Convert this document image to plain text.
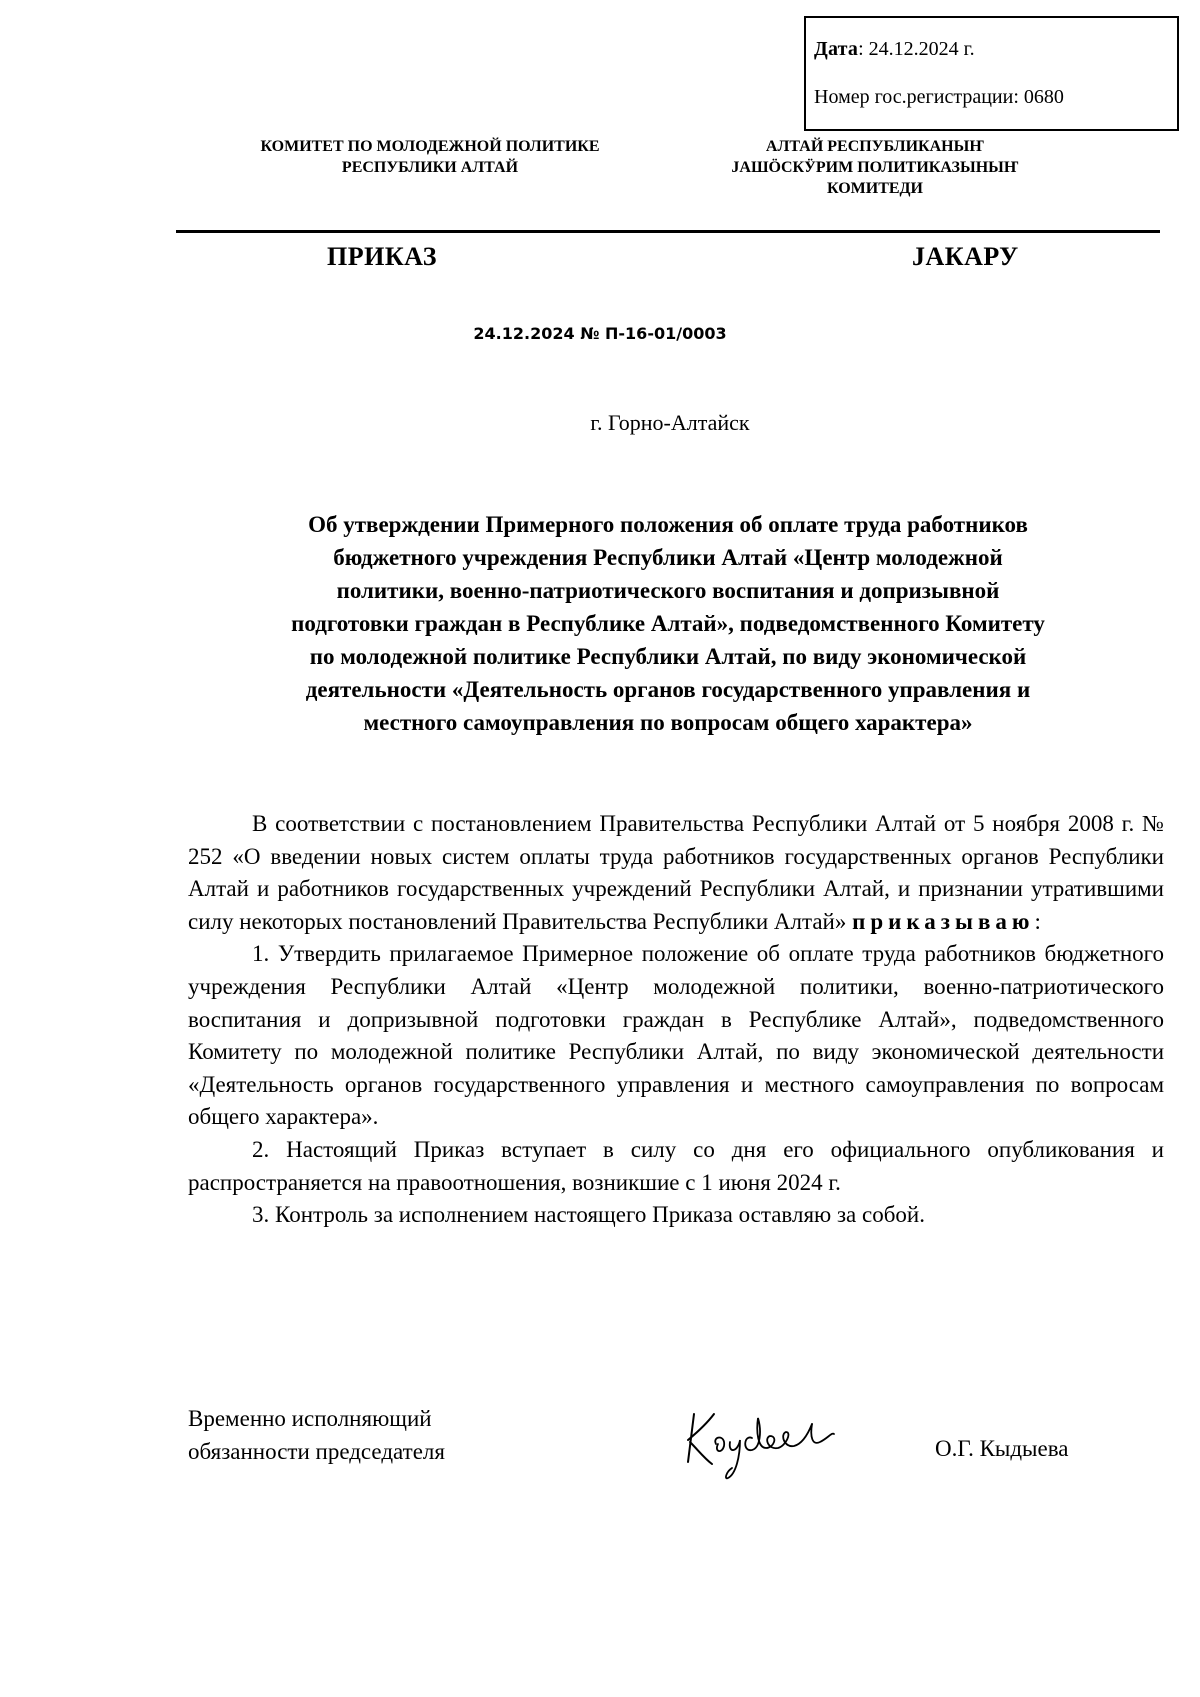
Дата: 24.12.2024 г.
Номер гос.регистрации: 0680
КОМИТЕТ ПО МОЛОДЕЖНОЙ ПОЛИТИКЕ
РЕСПУБЛИКИ АЛТАЙ
АЛТАЙ РЕСПУБЛИКАНЫҤ
ЈАШӦСКӰРИМ ПОЛИТИКАЗЫНЫҤ
КОМИТЕДИ
ПРИКАЗ	ЈАКАРУ
24.12.2024 № П-16-01/0003
г. Горно-Алтайск
Об утверждении Примерного положения об оплате труда работников
бюджетного учреждения Республики Алтай «Центр молодежной
политики, военно-патриотического воспитания и допризывной
подготовки граждан в Республике Алтай», подведомственного Комитету
по молодежной политике Республики Алтай, по виду экономической
деятельности «Деятельность органов государственного управления и
местного самоуправления по вопросам общего характера»

В соответствии с постановлением Правительства Республики Алтай от 5 ноября 2008 г. № 252 «О введении новых систем оплаты труда работников государственных органов Республики Алтай и работников государственных учреждений Республики Алтай, и признании утратившими силу некоторых постановлений Правительства Республики Алтай» приказываю:

1. Утвердить прилагаемое Примерное положение об оплате труда работников бюджетного учреждения Республики Алтай «Центр молодежной политики, военно-патриотического воспитания и допризывной подготовки граждан в Республике Алтай», подведомственного Комитету по молодежной политике Республики Алтай, по виду экономической деятельности «Деятельность органов государственного управления и местного самоуправления по вопросам общего характера».

2. Настоящий Приказ вступает в силу со дня его официального опубликования и распространяется на правоотношения, возникшие с 1 июня 2024 г.

3. Контроль за исполнением настоящего Приказа оставляю за собой.

Временно исполняющий
обязанности председателя	О.Г. Кыдыева
